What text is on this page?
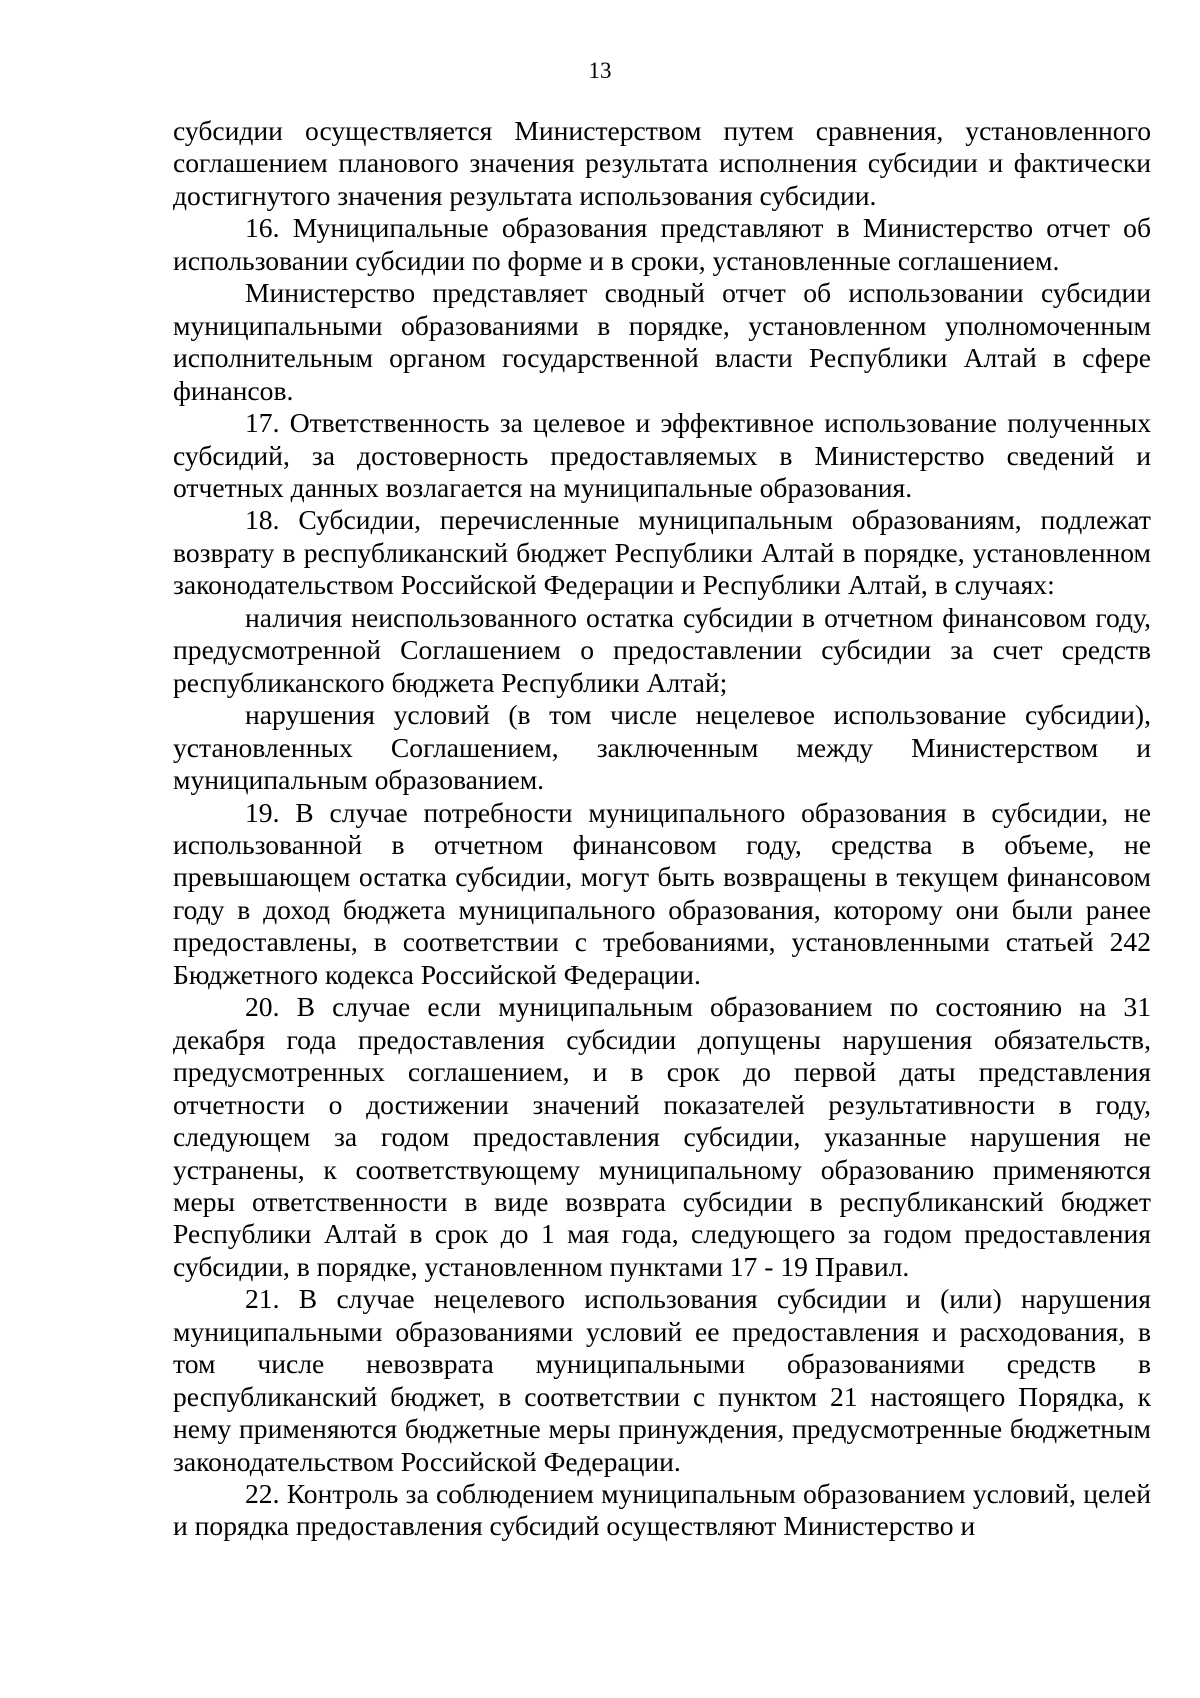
13

субсидии осуществляется Министерством путем сравнения, установленного соглашением планового значения результата исполнения субсидии и фактически достигнутого значения результата использования субсидии.

16. Муниципальные образования представляют в Министерство отчет об использовании субсидии по форме и в сроки, установленные соглашением.

Министерство представляет сводный отчет об использовании субсидии муниципальными образованиями в порядке, установленном уполномоченным исполнительным органом государственной власти Республики Алтай в сфере финансов.

17. Ответственность за целевое и эффективное использование полученных субсидий, за достоверность предоставляемых в Министерство сведений и отчетных данных возлагается на муниципальные образования.

18. Субсидии, перечисленные муниципальным образованиям, подлежат возврату в республиканский бюджет Республики Алтай в порядке, установленном законодательством Российской Федерации и Республики Алтай, в случаях:

наличия неиспользованного остатка субсидии в отчетном финансовом году, предусмотренной Соглашением о предоставлении субсидии за счет средств республиканского бюджета Республики Алтай;

нарушения условий (в том числе нецелевое использование субсидии), установленных Соглашением, заключенным между Министерством и муниципальным образованием.

19. В случае потребности муниципального образования в субсидии, не использованной в отчетном финансовом году, средства в объеме, не превышающем остатка субсидии, могут быть возвращены в текущем финансовом году в доход бюджета муниципального образования, которому они были ранее предоставлены, в соответствии с требованиями, установленными статьей 242 Бюджетного кодекса Российской Федерации.

20. В случае если муниципальным образованием по состоянию на 31 декабря года предоставления субсидии допущены нарушения обязательств, предусмотренных соглашением, и в срок до первой даты представления отчетности о достижении значений показателей результативности в году, следующем за годом предоставления субсидии, указанные нарушения не устранены, к соответствующему муниципальному образованию применяются меры ответственности в виде возврата субсидии в республиканский бюджет Республики Алтай в срок до 1 мая года, следующего за годом предоставления субсидии, в порядке, установленном пунктами 17 - 19 Правил.

21. В случае нецелевого использования субсидии и (или) нарушения муниципальными образованиями условий ее предоставления и расходования, в том числе невозврата муниципальными образованиями средств в республиканский бюджет, в соответствии с пунктом 21 настоящего Порядка, к нему применяются бюджетные меры принуждения, предусмотренные бюджетным законодательством Российской Федерации.

22. Контроль за соблюдением муниципальным образованием условий, целей и порядка предоставления субсидий осуществляют Министерство и
